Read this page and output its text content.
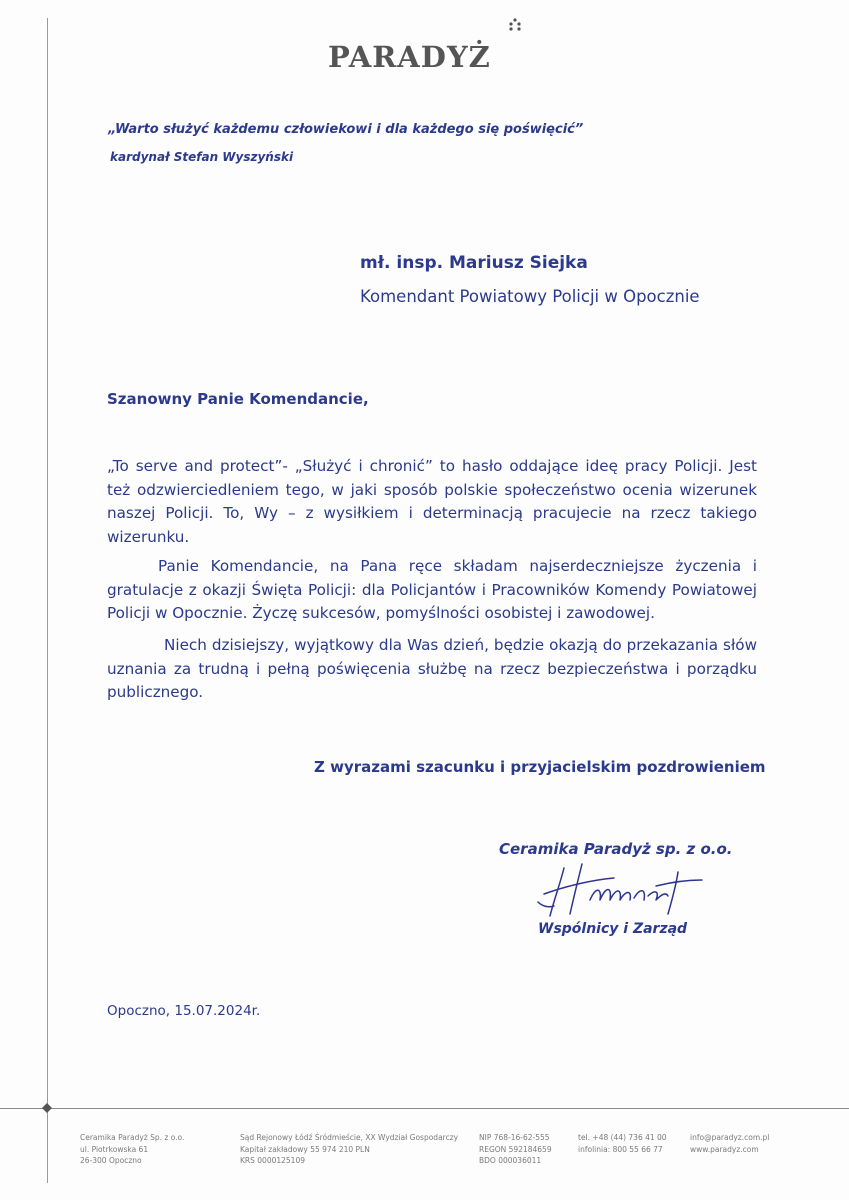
PARADYŻ
„Warto służyć każdemu człowiekowi i dla każdego się poświęcić”
kardynał Stefan Wyszyński
mł. insp. Mariusz Siejka
Komendant Powiatowy Policji w Opocznie
Szanowny Panie Komendancie,
„To serve and protect”- „Służyć i chronić” to hasło oddające ideę pracy Policji. Jest też odzwierciedleniem tego, w jaki sposób polskie społeczeństwo ocenia wizerunek naszej Policji. To, Wy – z wysiłkiem i determinacją pracujecie na rzecz takiego wizerunku.
Panie Komendancie, na Pana ręce składam najserdeczniejsze życzenia i gratulacje z okazji Święta Policji: dla Policjantów i Pracowników Komendy Powiatowej Policji w Opocznie. Życzę sukcesów, pomyślności osobistej i zawodowej.
Niech dzisiejszy, wyjątkowy dla Was dzień, będzie okazją do przekazania słów uznania za trudną i pełną poświęcenia służbę na rzecz bezpieczeństwa i porządku publicznego.
Z wyrazami szacunku i przyjacielskim pozdrowieniem
Ceramika Paradyż sp. z o.o.
Wspólnicy i Zarząd
Opoczno, 15.07.2024r.
Ceramika Paradyż Sp. z o.o.
ul. Piotrkowska 61
26-300 Opoczno
Sąd Rejonowy Łódź Śródmieście, XX Wydział Gospodarczy
Kapitał zakładowy 55 974 210 PLN
KRS 0000125109
NIP 768-16-62-555
REGON 592184659
BDO 000036011
tel. +48 (44) 736 41 00
infolinia: 800 55 66 77
info@paradyz.com.pl
www.paradyz.com
